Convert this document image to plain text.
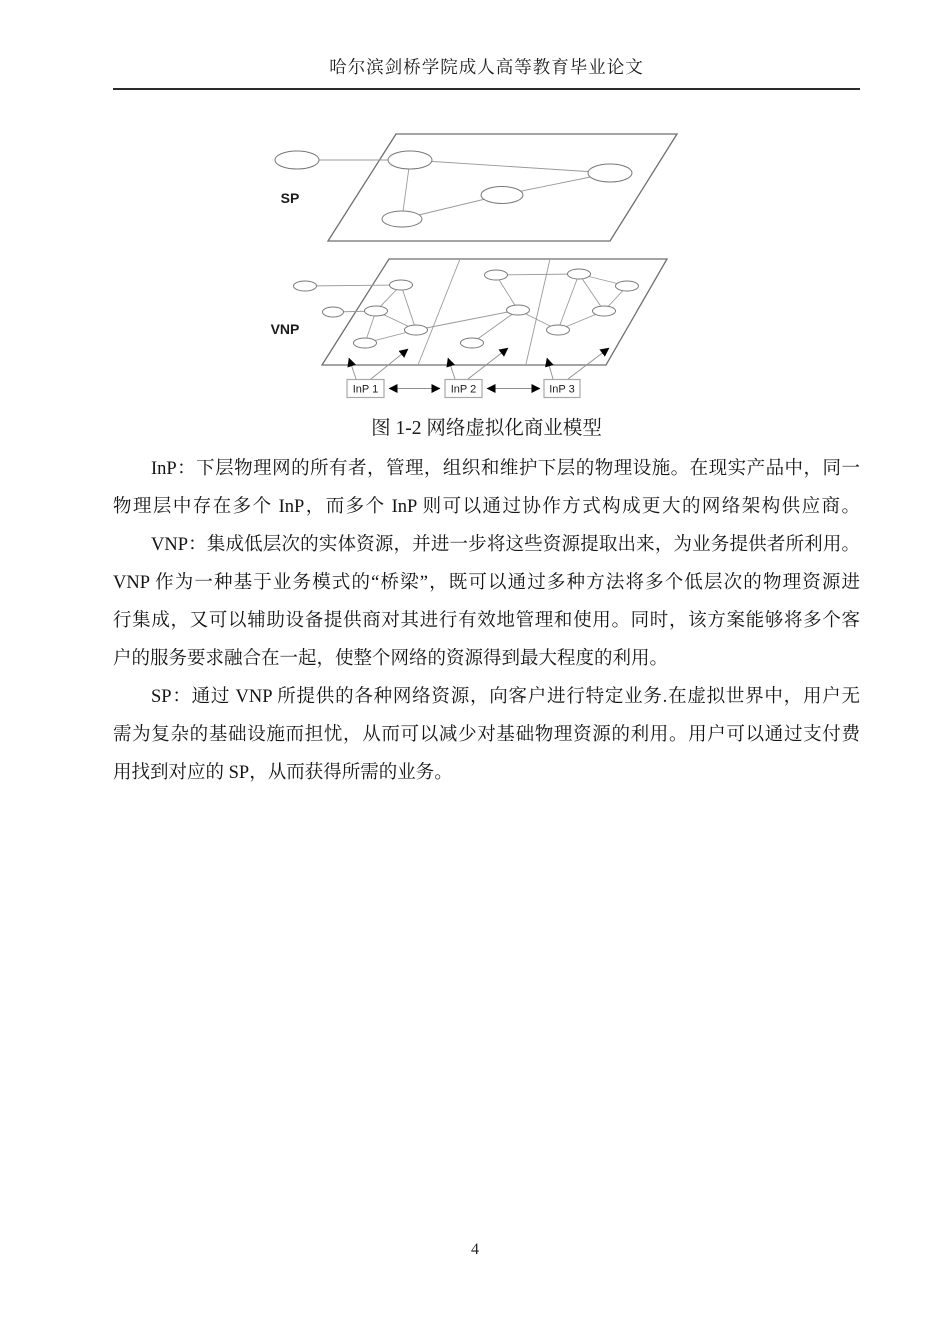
哈尔滨剑桥学院成人高等教育毕业论文
SP
VNP
InP 1	InP 2	InP 3
图 1-2 网络虚拟化商业模型
InP：下层物理网的所有者，管理，组织和维护下层的物理设施。在现实产品中，同一
物理层中存在多个 InP，而多个 InP 则可以通过协作方式构成更大的网络架构供应商。
VNP：集成低层次的实体资源，并进一步将这些资源提取出来，为业务提供者所利用。
VNP 作为一种基于业务模式的“桥梁”，既可以通过多种方法将多个低层次的物理资源进
行集成，又可以辅助设备提供商对其进行有效地管理和使用。同时，该方案能够将多个客
户的服务要求融合在一起，使整个网络的资源得到最大程度的利用。
SP：通过 VNP 所提供的各种网络资源，向客户进行特定业务.在虚拟世界中，用户无
需为复杂的基础设施而担忧，从而可以减少对基础物理资源的利用。用户可以通过支付费
用找到对应的 SP，从而获得所需的业务。
4
